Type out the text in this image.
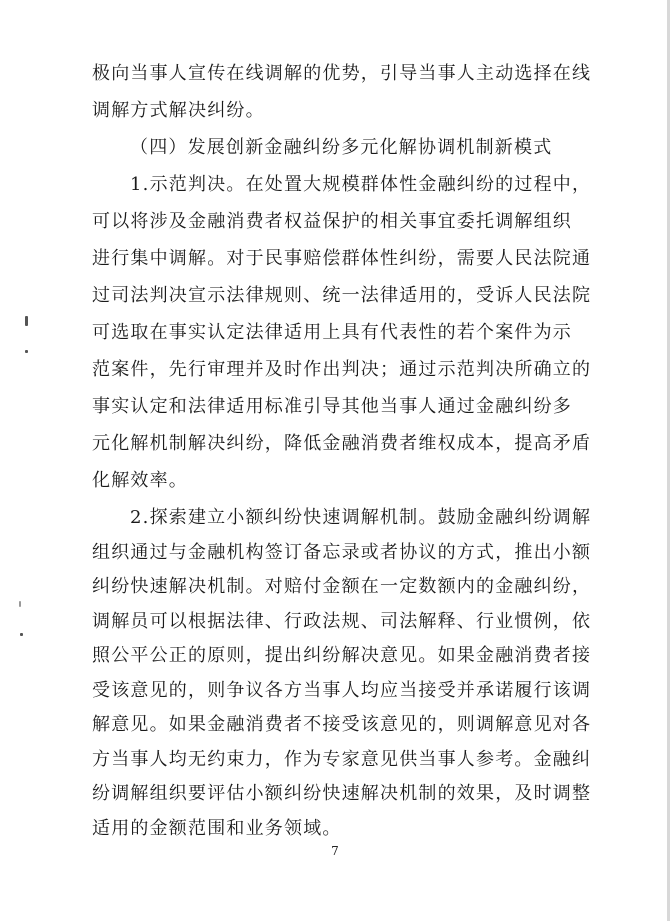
极向当事人宣传在线调解的优势，引导当事人主动选择在线
调解方式解决纠纷。
（四）发展创新金融纠纷多元化解协调机制新模式
1.示范判决。在处置大规模群体性金融纠纷的过程中，
可以将涉及金融消费者权益保护的相关事宜委托调解组织
进行集中调解。对于民事赔偿群体性纠纷，需要人民法院通
过司法判决宣示法律规则、统一法律适用的，受诉人民法院
可选取在事实认定法律适用上具有代表性的若个案件为示
范案件，先行审理并及时作出判决；通过示范判决所确立的
事实认定和法律适用标准引导其他当事人通过金融纠纷多
元化解机制解决纠纷，降低金融消费者维权成本，提高矛盾
化解效率。
2.探索建立小额纠纷快速调解机制。鼓励金融纠纷调解
组织通过与金融机构签订备忘录或者协议的方式，推出小额
纠纷快速解决机制。对赔付金额在一定数额内的金融纠纷，
调解员可以根据法律、行政法规、司法解释、行业惯例，依
照公平公正的原则，提出纠纷解决意见。如果金融消费者接
受该意见的，则争议各方当事人均应当接受并承诺履行该调
解意见。如果金融消费者不接受该意见的，则调解意见对各
方当事人均无约束力，作为专家意见供当事人参考。金融纠
纷调解组织要评估小额纠纷快速解决机制的效果，及时调整
7
适用的金额范围和业务领域。
